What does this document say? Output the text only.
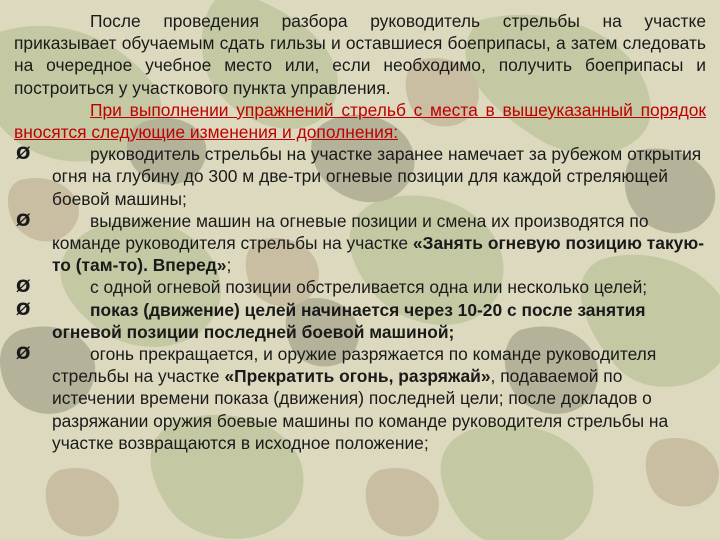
После проведения разбора руководитель стрельбы на участке приказывает обучаемым сдать гильзы и оставшиеся боеприпасы, а затем следовать на очередное учебное место или, если необходимо, получить боеприпасы и построиться у участкового пункта управления.

При выполнении упражнений стрельб с места в вышеуказанный порядок вносятся следующие изменения и дополнения:

Ø	руководитель стрельбы на участке заранее намечает за рубежом открытия огня на глубину до 300 м две-три огневые позиции для каждой стреляющей боевой машины;
Ø	выдвижение машин на огневые позиции и смена их производятся по команде руководителя стрельбы на участке «Занять огневую позицию такую-то (там-то). Вперед»;
Ø	с одной огневой позиции обстреливается одна или несколько целей;
Ø	показ (движение) целей начинается через 10-20 с после занятия огневой позиции последней боевой машиной;
Ø	огонь прекращается, и оружие разряжается по команде руководителя стрельбы на участке «Прекратить огонь, разряжай», подаваемой по истечении времени показа (движения) последней цели; после докладов о разряжании оружия боевые машины по команде руководителя стрельбы на участке возвращаются в исходное положение;
